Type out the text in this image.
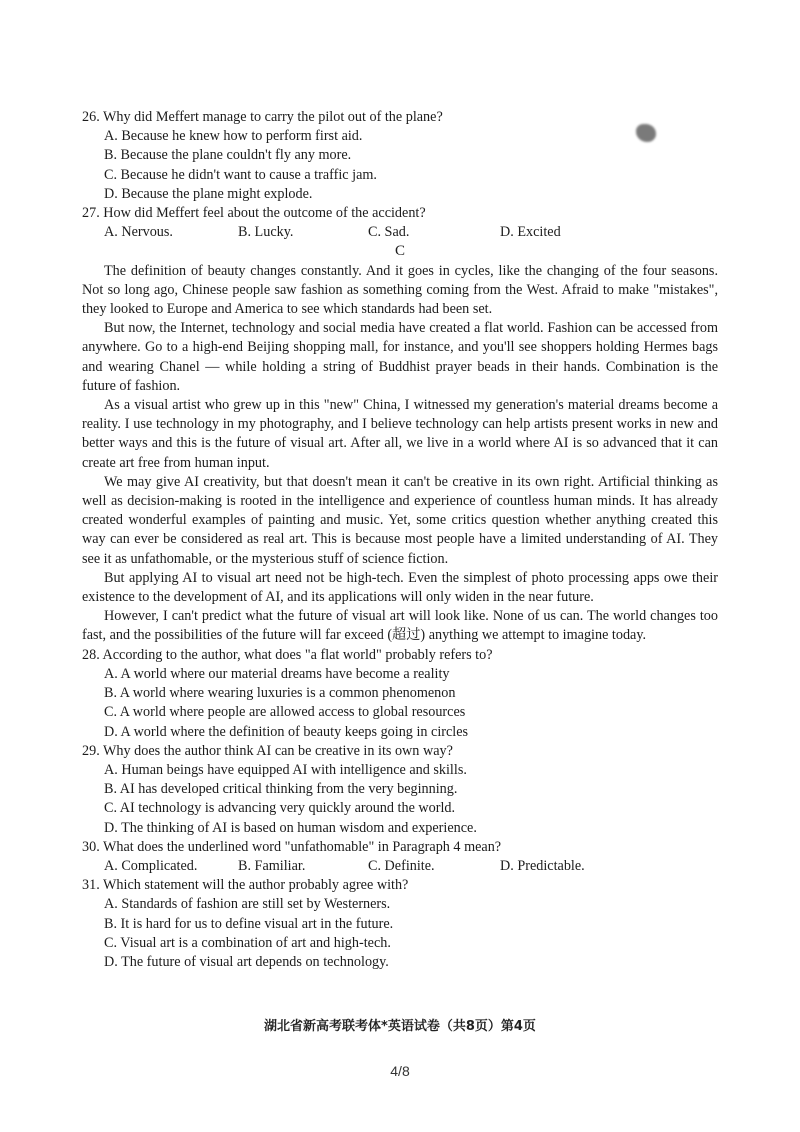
26. Why did Meffert manage to carry the pilot out of the plane?

A. Because he knew how to perform first aid.

B. Because the plane couldn't fly any more.

C. Because he didn't want to cause a traffic jam.

D. Because the plane might explode.

27. How did Meffert feel about the outcome of the accident?

A. Nervous.	B. Lucky.	C. Sad.	D. Excited

C

The definition of beauty changes constantly. And it goes in cycles, like the changing of the four seasons. Not so long ago, Chinese people saw fashion as something coming from the West. Afraid to make "mistakes", they looked to Europe and America to see which standards had been set.

But now, the Internet, technology and social media have created a flat world. Fashion can be accessed from anywhere. Go to a high-end Beijing shopping mall, for instance, and you'll see shoppers holding Hermes bags and wearing Chanel — while holding a string of Buddhist prayer beads in their hands. Combination is the future of fashion.

As a visual artist who grew up in this "new" China, I witnessed my generation's material dreams become a reality. I use technology in my photography, and I believe technology can help artists present works in new and better ways and this is the future of visual art. After all, we live in a world where AI is so advanced that it can create art free from human input.

We may give AI creativity, but that doesn't mean it can't be creative in its own right. Artificial thinking as well as decision-making is rooted in the intelligence and experience of countless human minds. It has already created wonderful examples of painting and music. Yet, some critics question whether anything created this way can ever be considered as real art. This is because most people have a limited understanding of AI. They see it as unfathomable, or the mysterious stuff of science fiction.

But applying AI to visual art need not be high-tech. Even the simplest of photo processing apps owe their existence to the development of AI, and its applications will only widen in the near future.

However, I can't predict what the future of visual art will look like. None of us can. The world changes too fast, and the possibilities of the future will far exceed (超过) anything we attempt to imagine today.

28. According to the author, what does "a flat world" probably refers to?

A. A world where our material dreams have become a reality

B. A world where wearing luxuries is a common phenomenon

C. A world where people are allowed access to global resources

D. A world where the definition of beauty keeps going in circles

29. Why does the author think AI can be creative in its own way?

A. Human beings have equipped AI with intelligence and skills.

B. AI has developed critical thinking from the very beginning.

C. AI technology is advancing very quickly around the world.

D. The thinking of AI is based on human wisdom and experience.

30. What does the underlined word "unfathomable" in Paragraph 4 mean?

A. Complicated.	B. Familiar.	C. Definite.	D. Predictable.

31. Which statement will the author probably agree with?

A. Standards of fashion are still set by Westerners.

B. It is hard for us to define visual art in the future.

C. Visual art is a combination of art and high-tech.

D. The future of visual art depends on technology.

湖北省新高考联考体*英语试卷（共8页）第4页
4/8
